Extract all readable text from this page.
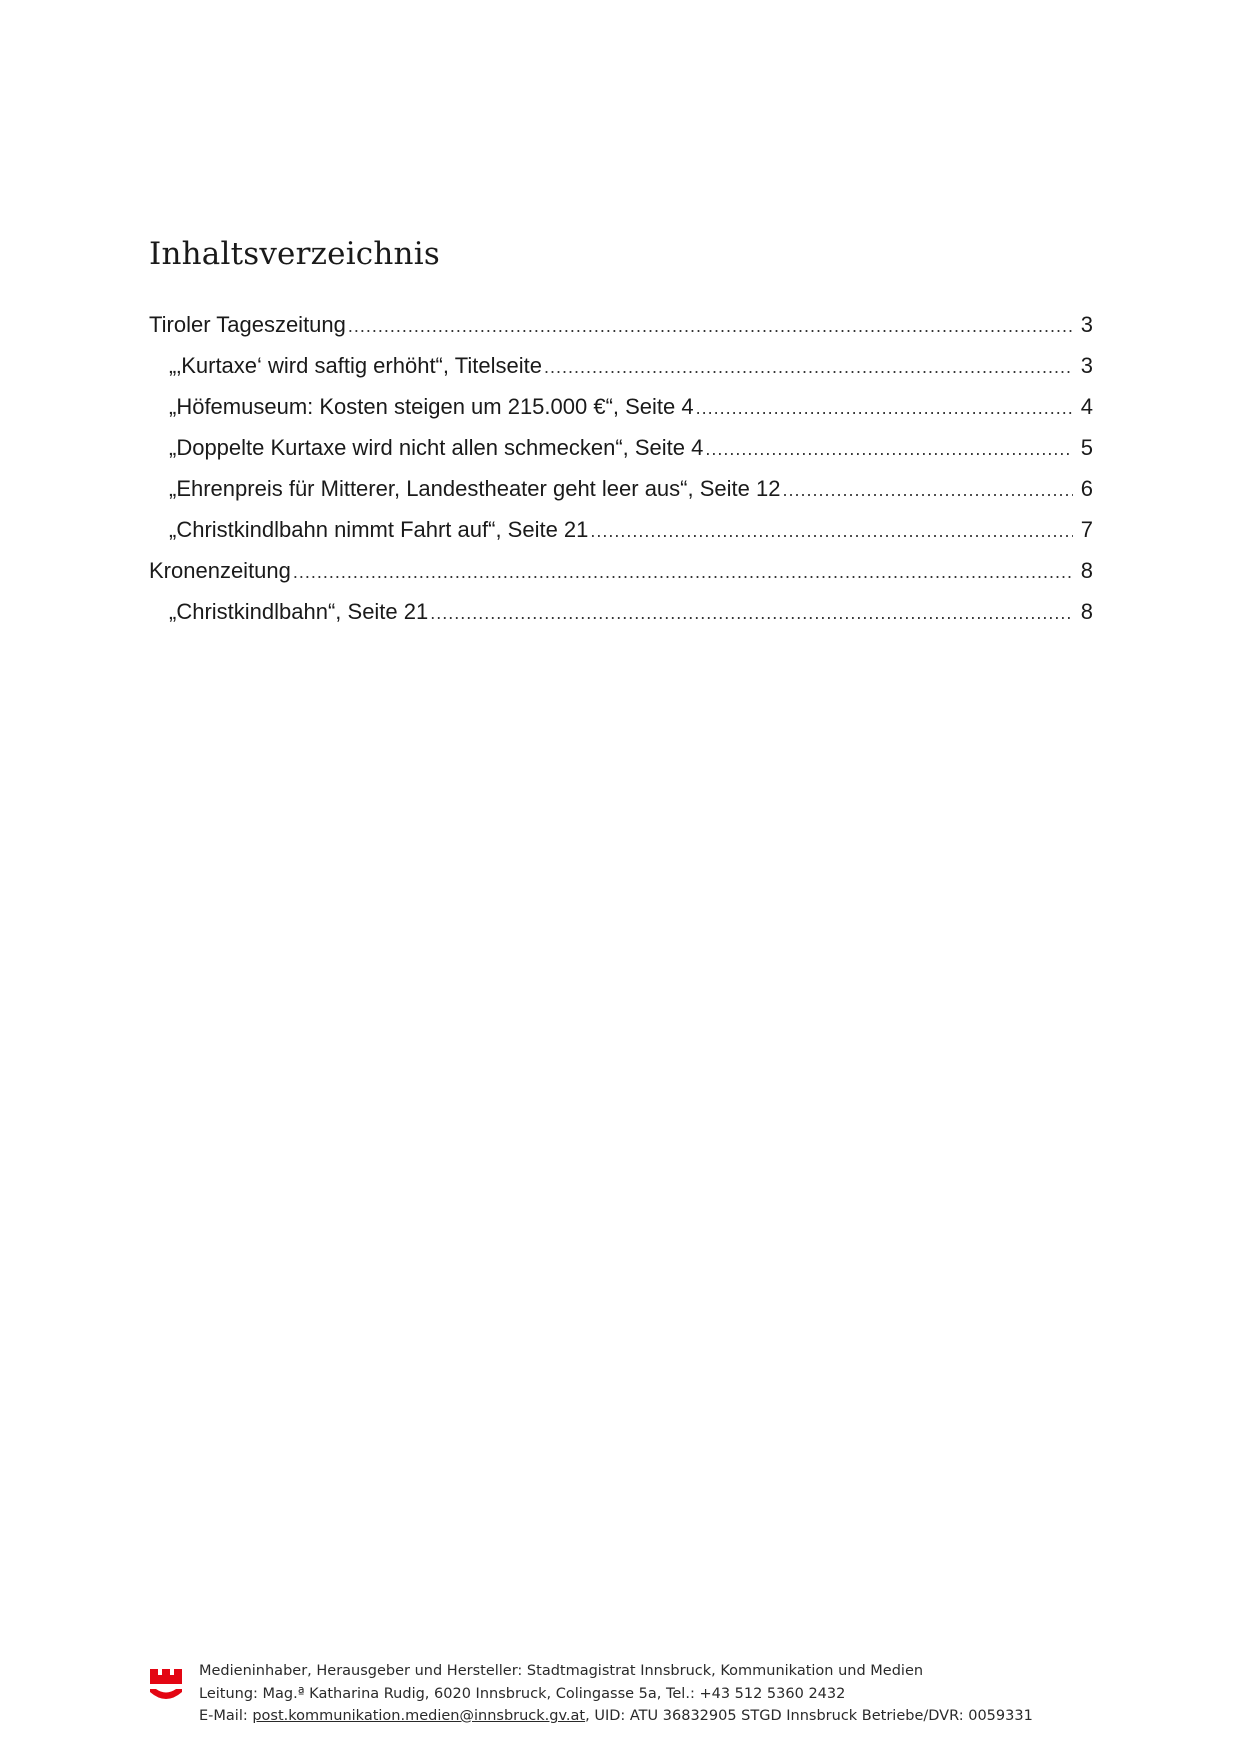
Inhaltsverzeichnis
Tiroler Tageszeitung .....	3
„‚Kurtaxe‘ wird saftig erhöht“, Titelseite .....	3
„Höfemuseum: Kosten steigen um 215.000 €“, Seite 4 .....	4
„Doppelte Kurtaxe wird nicht allen schmecken“, Seite 4 .....	5
„Ehrenpreis für Mitterer, Landestheater geht leer aus“, Seite 12 .....	6
„Christkindlbahn nimmt Fahrt auf“, Seite 21 .....	7
Kronenzeitung .....	8
„Christkindlbahn“, Seite 21 .....	8
Medieninhaber, Herausgeber und Hersteller: Stadtmagistrat Innsbruck, Kommunikation und Medien
Leitung: Mag.ª Katharina Rudig, 6020 Innsbruck, Colingasse 5a, Tel.: +43 512 5360 2432
E-Mail: post.kommunikation.medien@innsbruck.gv.at, UID: ATU 36832905 STGD Innsbruck Betriebe/DVR: 0059331
